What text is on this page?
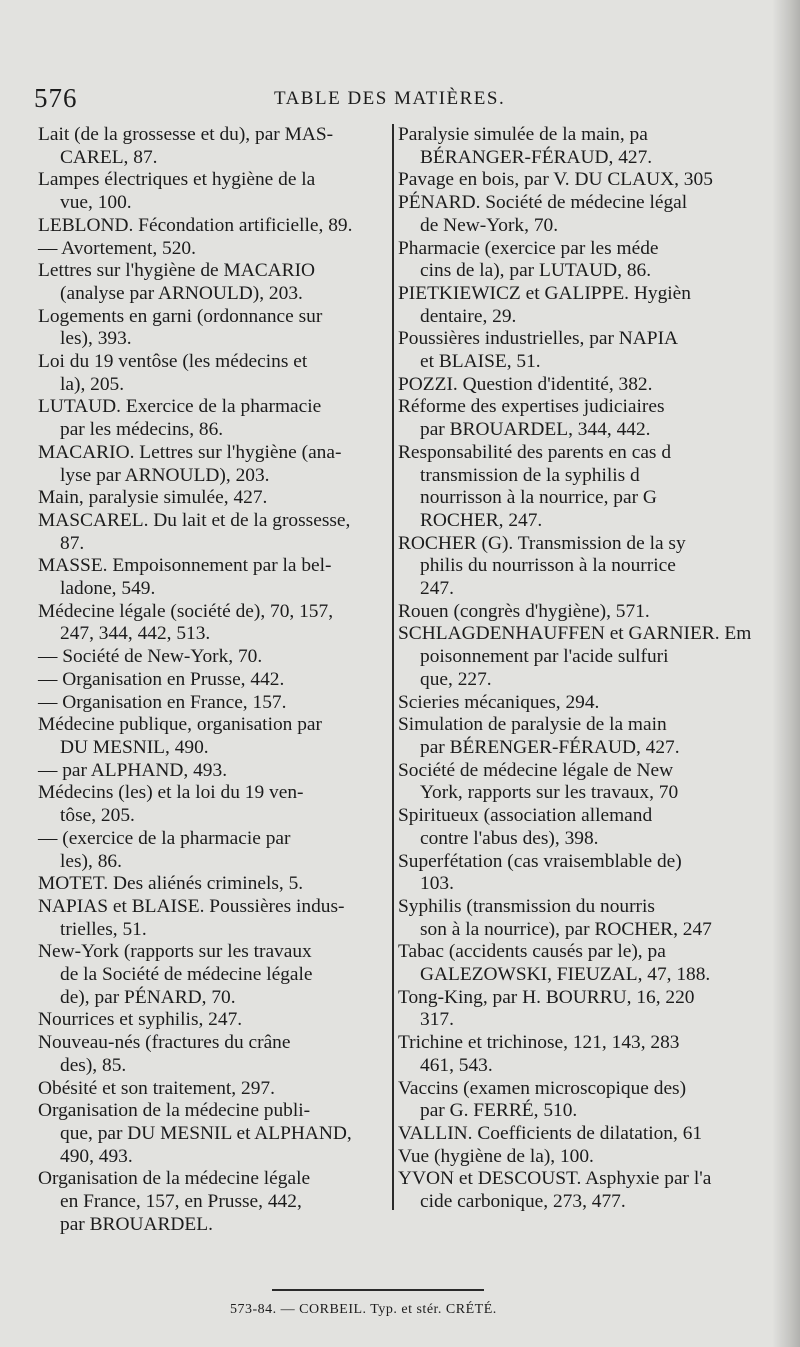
576	TABLE DES MATIÈRES.
Lait (de la grossesse et du), par MAS-
CAREL, 87.
Lampes électriques et hygiène de la
vue, 100.
LEBLOND. Fécondation artificielle, 89.
— Avortement, 520.
Lettres sur l'hygiène de MACARIO
(analyse par ARNOULD), 203.
Logements en garni (ordonnance sur
les), 393.
Loi du 19 ventôse (les médecins et
la), 205.
LUTAUD. Exercice de la pharmacie
par les médecins, 86.
MACARIO. Lettres sur l'hygiène (ana-
lyse par ARNOULD), 203.
Main, paralysie simulée, 427.
MASCAREL. Du lait et de la grossesse,
87.
MASSE. Empoisonnement par la bel-
ladone, 549.
Médecine légale (société de), 70, 157,
247, 344, 442, 513.
— Société de New-York, 70.
— Organisation en Prusse, 442.
— Organisation en France, 157.
Médecine publique, organisation par
DU MESNIL, 490.
— par ALPHAND, 493.
Médecins (les) et la loi du 19 ven-
tôse, 205.
— (exercice de la pharmacie par
les), 86.
MOTET. Des aliénés criminels, 5.
NAPIAS et BLAISE. Poussières indus-
trielles, 51.
New-York (rapports sur les travaux
de la Société de médecine légale
de), par PÉNARD, 70.
Nourrices et syphilis, 247.
Nouveau-nés (fractures du crâne
des), 85.
Obésité et son traitement, 297.
Organisation de la médecine publi-
que, par DU MESNIL et ALPHAND,
490, 493.
Organisation de la médecine légale
en France, 157, en Prusse, 442,
par BROUARDEL.
Paralysie simulée de la main, pa
BÉRANGER-FÉRAUD, 427.
Pavage en bois, par V. DU CLAUX, 305
PÉNARD. Société de médecine légal
de New-York, 70.
Pharmacie (exercice par les méde
cins de la), par LUTAUD, 86.
PIETKIEWICZ et GALIPPE. Hygièn
dentaire, 29.
Poussières industrielles, par NAPIA
et BLAISE, 51.
POZZI. Question d'identité, 382.
Réforme des expertises judiciaires
par BROUARDEL, 344, 442.
Responsabilité des parents en cas d
transmission de la syphilis d
nourrisson à la nourrice, par G
ROCHER, 247.
ROCHER (G). Transmission de la sy
philis du nourrisson à la nourrice
247.
Rouen (congrès d'hygiène), 571.
SCHLAGDENHAUFFEN et GARNIER. Em
poisonnement par l'acide sulfuri
que, 227.
Scieries mécaniques, 294.
Simulation de paralysie de la main
par BÉRENGER-FÉRAUD, 427.
Société de médecine légale de New
York, rapports sur les travaux, 70
Spiritueux (association allemand
contre l'abus des), 398.
Superfétation (cas vraisemblable de)
103.
Syphilis (transmission du nourris
son à la nourrice), par ROCHER, 247
Tabac (accidents causés par le), pa
GALEZOWSKI, FIEUZAL, 47, 188.
Tong-King, par H. BOURRU, 16, 220
317.
Trichine et trichinose, 121, 143, 283
461, 543.
Vaccins (examen microscopique des)
par G. FERRÉ, 510.
VALLIN. Coefficients de dilatation, 61
Vue (hygiène de la), 100.
YVON et DESCOUST. Asphyxie par l'a
cide carbonique, 273, 477.
573-84. — CORBEIL. Typ. et stér. CRÉTÉ.
